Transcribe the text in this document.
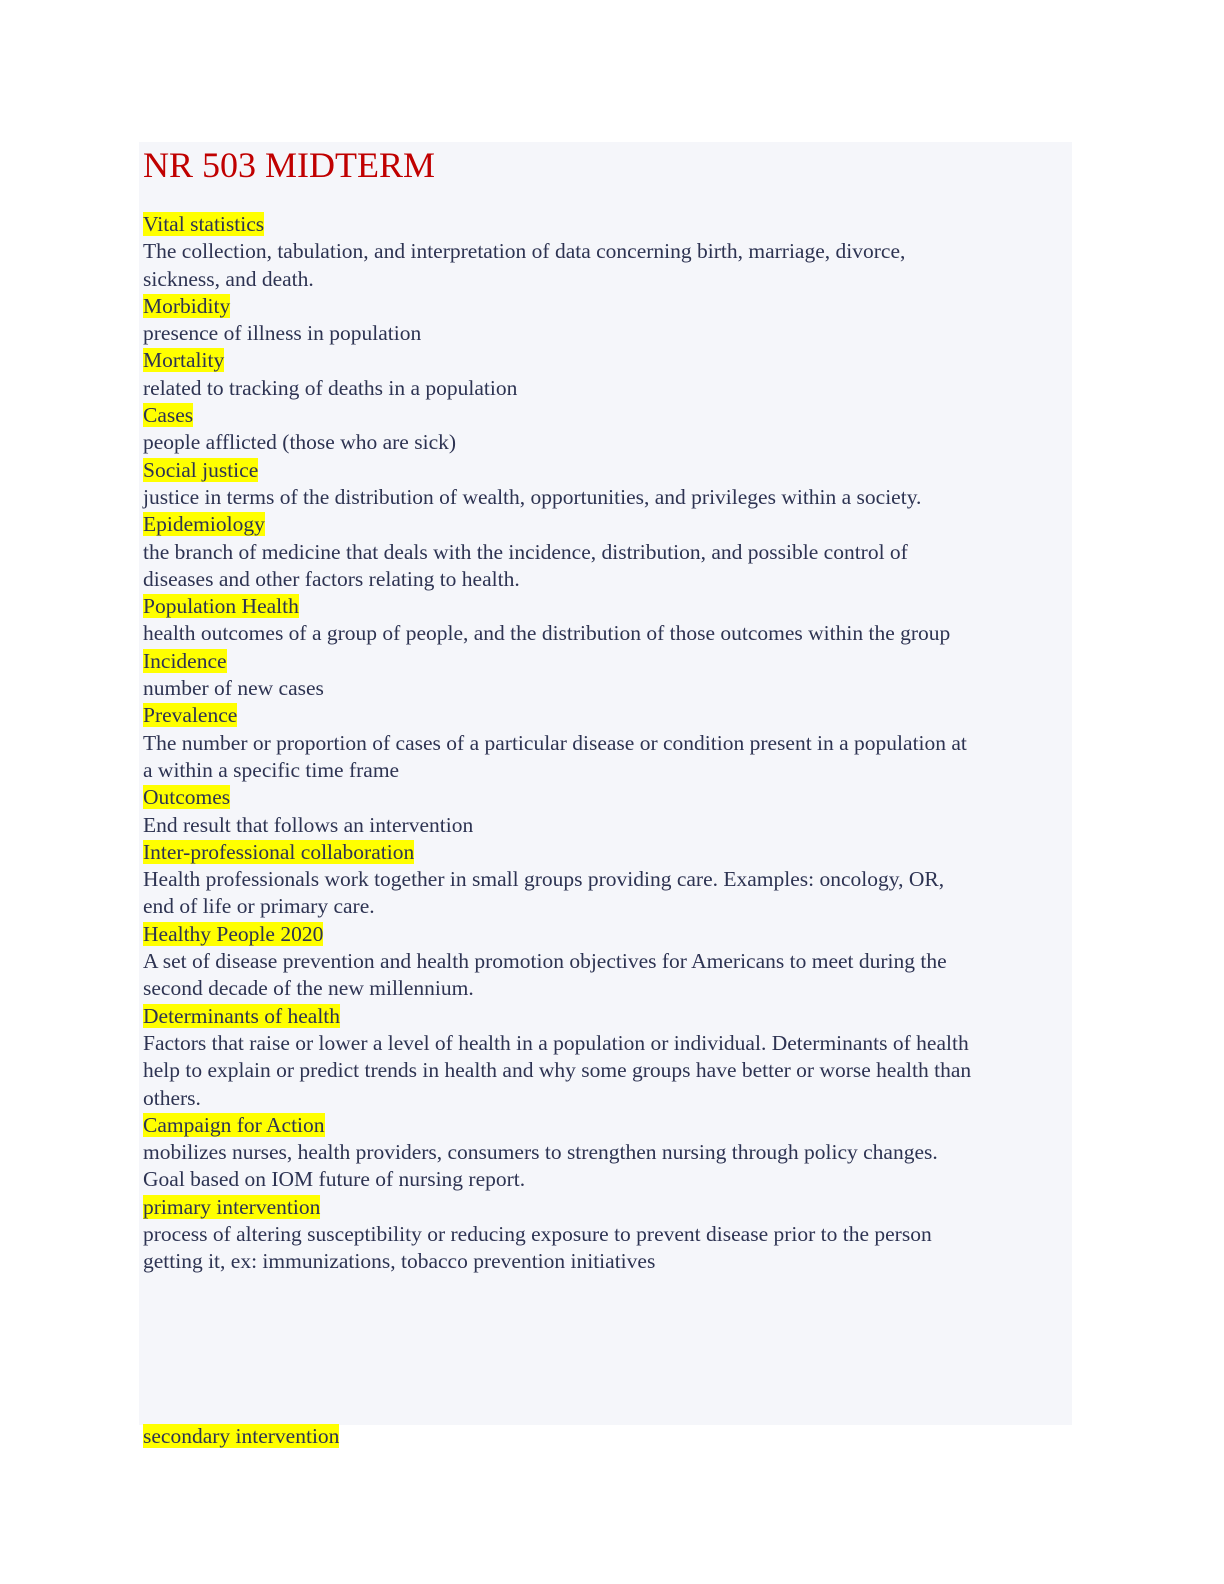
NR 503 MIDTERM
Vital statistics
The collection, tabulation, and interpretation of data concerning birth, marriage, divorce,
sickness, and death.
Morbidity
presence of illness in population
Mortality
related to tracking of deaths in a population
Cases
people afflicted (those who are sick)
Social justice
justice in terms of the distribution of wealth, opportunities, and privileges within a society.
Epidemiology
the branch of medicine that deals with the incidence, distribution, and possible control of
diseases and other factors relating to health.
Population Health
health outcomes of a group of people, and the distribution of those outcomes within the group
Incidence
number of new cases
Prevalence
The number or proportion of cases of a particular disease or condition present in a population at
a within a specific time frame
Outcomes
End result that follows an intervention
Inter-professional collaboration
Health professionals work together in small groups providing care. Examples: oncology, OR,
end of life or primary care.
Healthy People 2020
A set of disease prevention and health promotion objectives for Americans to meet during the
second decade of the new millennium.
Determinants of health
Factors that raise or lower a level of health in a population or individual. Determinants of health
help to explain or predict trends in health and why some groups have better or worse health than
others.
Campaign for Action
mobilizes nurses, health providers, consumers to strengthen nursing through policy changes.
Goal based on IOM future of nursing report.
primary intervention
process of altering susceptibility or reducing exposure to prevent disease prior to the person
getting it, ex: immunizations, tobacco prevention initiatives
secondary intervention
